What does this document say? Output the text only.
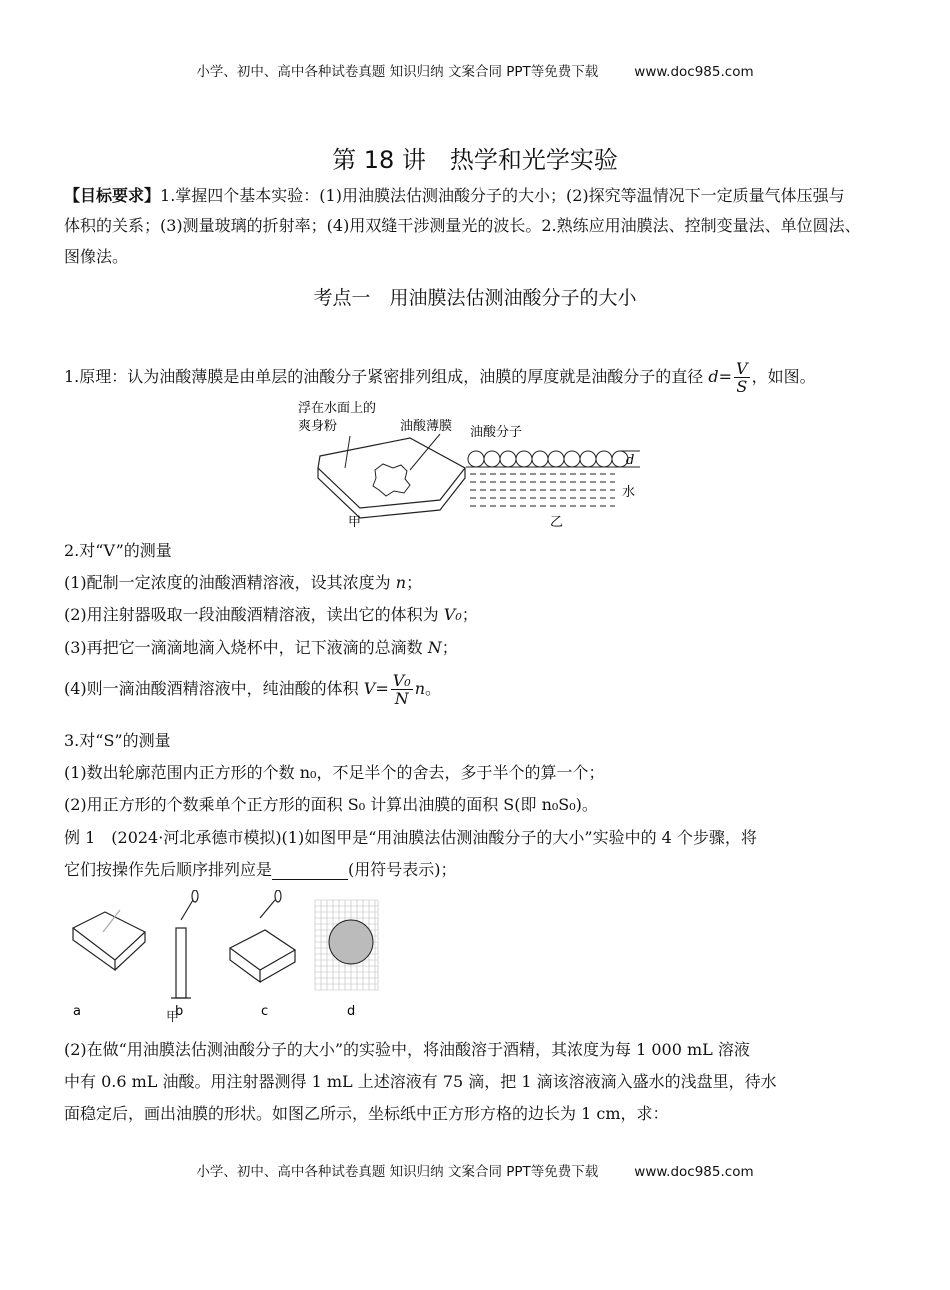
小学、初中、高中各种试卷真题 知识归纳 文案合同 PPT等免费下载	www.doc985.com
第 18 讲　热学和光学实验
【目标要求】1.掌握四个基本实验：(1)用油膜法估测油酸分子的大小；(2)探究等温情况下一定质量气体压强与
体积的关系；(3)测量玻璃的折射率；(4)用双缝干涉测量光的波长。2.熟练应用油膜法、控制变量法、单位圆法、
图像法。
考点一　用油膜法估测油酸分子的大小
1.原理：认为油酸薄膜是由单层的油酸分子紧密排列组成，油膜的厚度就是油酸分子的直径 $d= \frac{V}{S}$ ，如图。
浮在水面上的
爽身粉	油酸薄膜
甲
油酸分子
d
水
乙
2.对“V”的测量
(1)配制一定浓度的油酸酒精溶液，设其浓度为 n；
(2)用注射器吸取一段油酸酒精溶液，读出它的体积为 V₀；
(3)再把它一滴滴地滴入烧杯中，记下液滴的总滴数 N；
(4)则一滴油酸酒精溶液中，纯油酸的体积 $V= \frac{\text{V₀}}{N}$ n。
3.对“S”的测量
(1)数出轮廓范围内正方形的个数 n₀，不足半个的舍去，多于半个的算一个；
(2)用正方形的个数乘单个正方形的面积 S₀ 计算出油膜的面积 S(即 n₀S₀)。
例 1　(2024·河北承德市模拟)(1)如图甲是“用油膜法估测油酸分子的大小”实验中的 4 个步骤，将
它们按操作先后顺序排列应是	(用符号表示)；
a	b	c	d
甲
(2)在做“用油膜法估测油酸分子的大小”的实验中，将油酸溶于酒精，其浓度为每 1 000 mL 溶液
中有 0.6 mL 油酸。用注射器测得 1 mL 上述溶液有 75 滴，把 1 滴该溶液滴入盛水的浅盘里，待水
面稳定后，画出油膜的形状。如图乙所示，坐标纸中正方形方格的边长为 1 cm，求：
小学、初中、高中各种试卷真题 知识归纳 文案合同 PPT等免费下载	www.doc985.com
